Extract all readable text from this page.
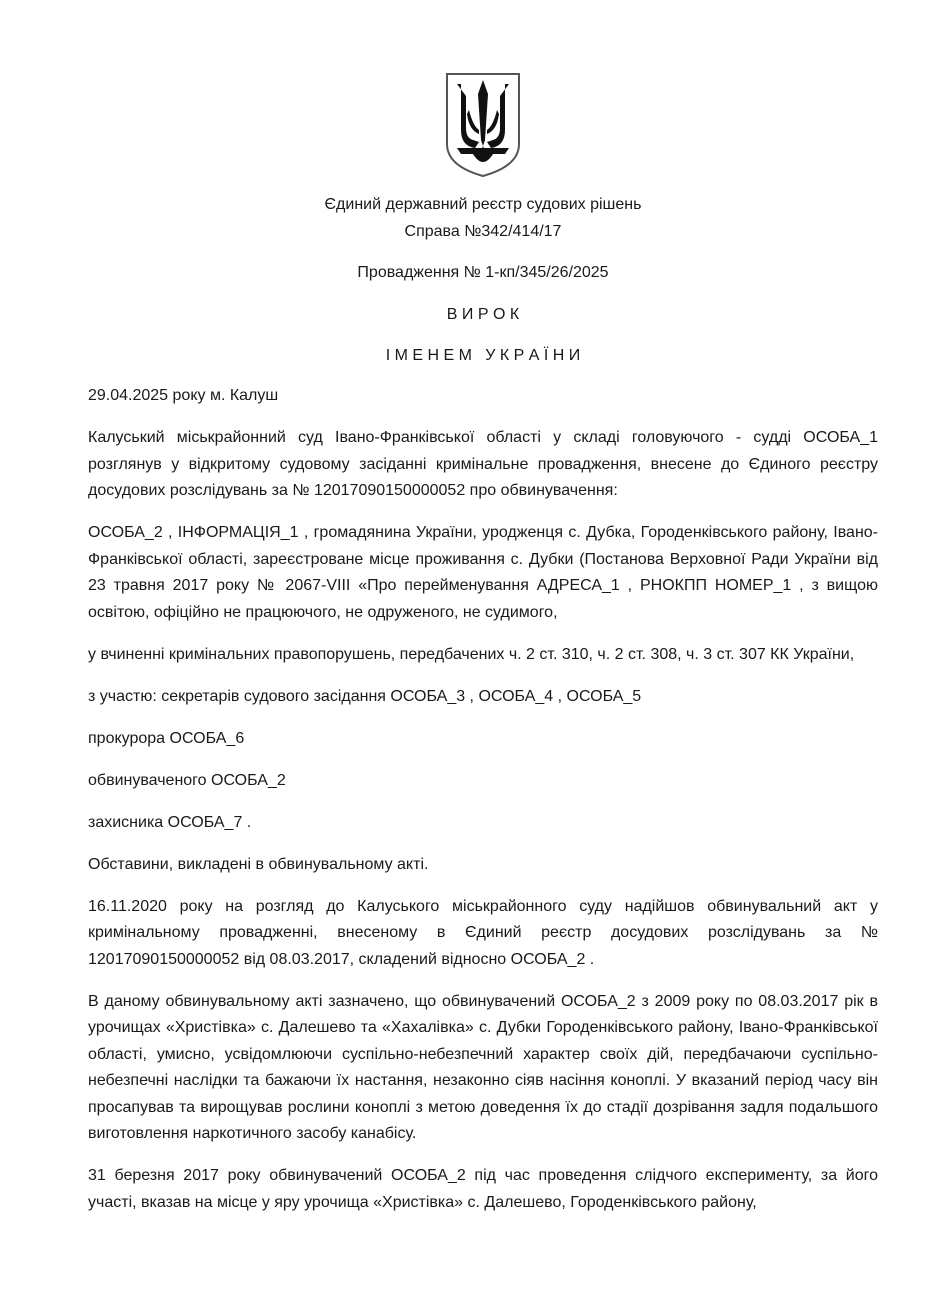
Єдиний державний реєстр судових рішень
Справа №342/414/17
Провадження № 1-кп/345/26/2025
В И Р О К
І М Е Н Е М   У К Р А Ї Н И

29.04.2025 року м. Калуш

Калуський міськрайонний суд Івано-Франківської області у складі головуючого - судді ОСОБА_1 розглянув у відкритому судовому засіданні кримінальне провадження, внесене до Єдиного реєстру досудових розслідувань за № 12017090150000052 про обвинувачення:

ОСОБА_2 , ІНФОРМАЦІЯ_1 , громадянина України, уродженця с. Дубка, Городенківського району, Івано-Франківської області, зареєстроване місце проживання с. Дубки (Постанова Верховної Ради України від 23 травня 2017 року № 2067-VIII «Про перейменування АДРЕСА_1 , РНОКПП НОМЕР_1 , з вищою освітою, офіційно не працюючого, не одруженого, не судимого,

у вчиненні кримінальних правопорушень, передбачених ч. 2 ст. 310, ч. 2 ст. 308, ч. 3 ст. 307 КК України,

з участю: секретарів судового засідання ОСОБА_3 , ОСОБА_4 , ОСОБА_5

прокурора ОСОБА_6

обвинуваченого ОСОБА_2

захисника ОСОБА_7 .

Обставини, викладені в обвинувальному акті.

16.11.2020 року на розгляд до Калуського міськрайонного суду надійшов обвинувальний акт у кримінальному провадженні, внесеному в Єдиний реєстр досудових розслідувань за № 12017090150000052 від 08.03.2017, складений відносно ОСОБА_2 .

В даному обвинувальному акті зазначено, що обвинувачений ОСОБА_2 з 2009 року по 08.03.2017 рік в урочищах «Христівка» с. Далешево та «Хахалівка» с. Дубки Городенківського району, Івано-Франківської області, умисно, усвідомлюючи суспільно-небезпечний характер своїх дій, передбачаючи суспільно-небезпечні наслідки та бажаючи їх настання, незаконно сіяв насіння коноплі. У вказаний період часу він просапував та вирощував рослини коноплі з метою доведення їх до стадії дозрівання задля подальшого виготовлення наркотичного засобу канабісу.

31 березня 2017 року обвинувачений ОСОБА_2 під час проведення слідчого експерименту, за його участі, вказав на місце у яру урочища «Христівка» с. Далешево, Городенківського району,
